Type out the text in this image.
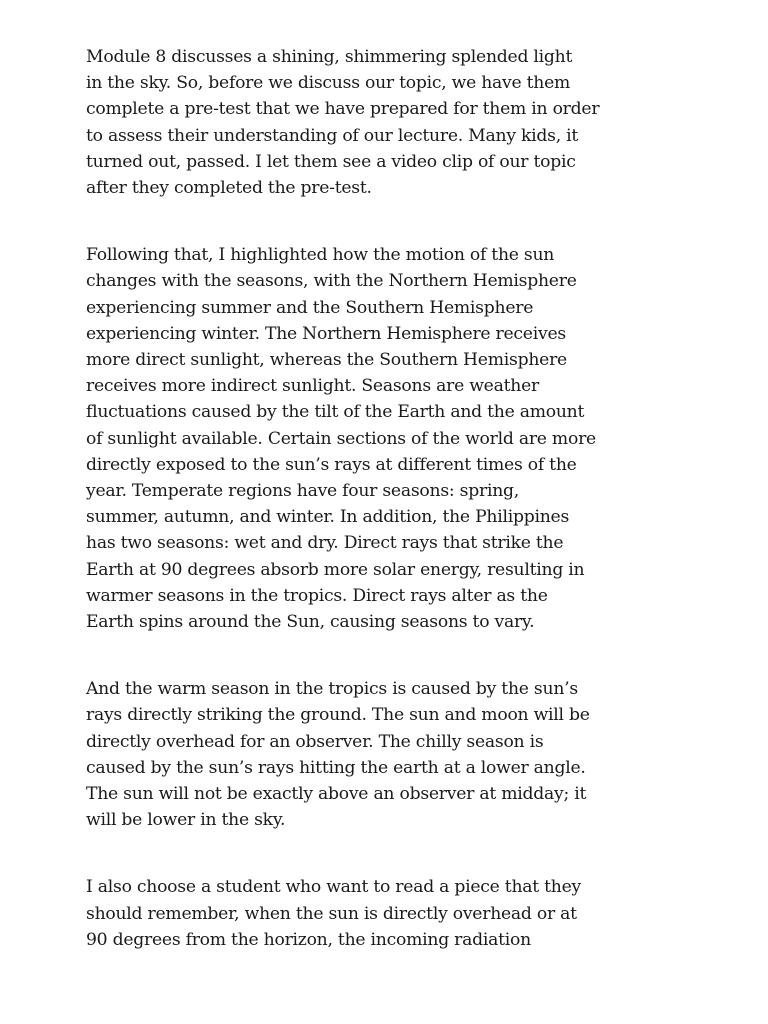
Module 8 discusses a shining, shimmering splended light
in the sky. So, before we discuss our topic, we have them
complete a pre-test that we have prepared for them in order
to assess their understanding of our lecture. Many kids, it
turned out, passed. I let them see a video clip of our topic
after they completed the pre-test.
Following that, I highlighted how the motion of the sun
changes with the seasons, with the Northern Hemisphere
experiencing summer and the Southern Hemisphere
experiencing winter. The Northern Hemisphere receives
more direct sunlight, whereas the Southern Hemisphere
receives more indirect sunlight. Seasons are weather
fluctuations caused by the tilt of the Earth and the amount
of sunlight available. Certain sections of the world are more
directly exposed to the sun’s rays at different times of the
year. Temperate regions have four seasons: spring,
summer, autumn, and winter. In addition, the Philippines
has two seasons: wet and dry. Direct rays that strike the
Earth at 90 degrees absorb more solar energy, resulting in
warmer seasons in the tropics. Direct rays alter as the
Earth spins around the Sun, causing seasons to vary.
And the warm season in the tropics is caused by the sun’s
rays directly striking the ground. The sun and moon will be
directly overhead for an observer. The chilly season is
caused by the sun’s rays hitting the earth at a lower angle.
The sun will not be exactly above an observer at midday; it
will be lower in the sky.
I also choose a student who want to read a piece that they
should remember, when the sun is directly overhead or at
90 degrees from the horizon, the incoming radiation
